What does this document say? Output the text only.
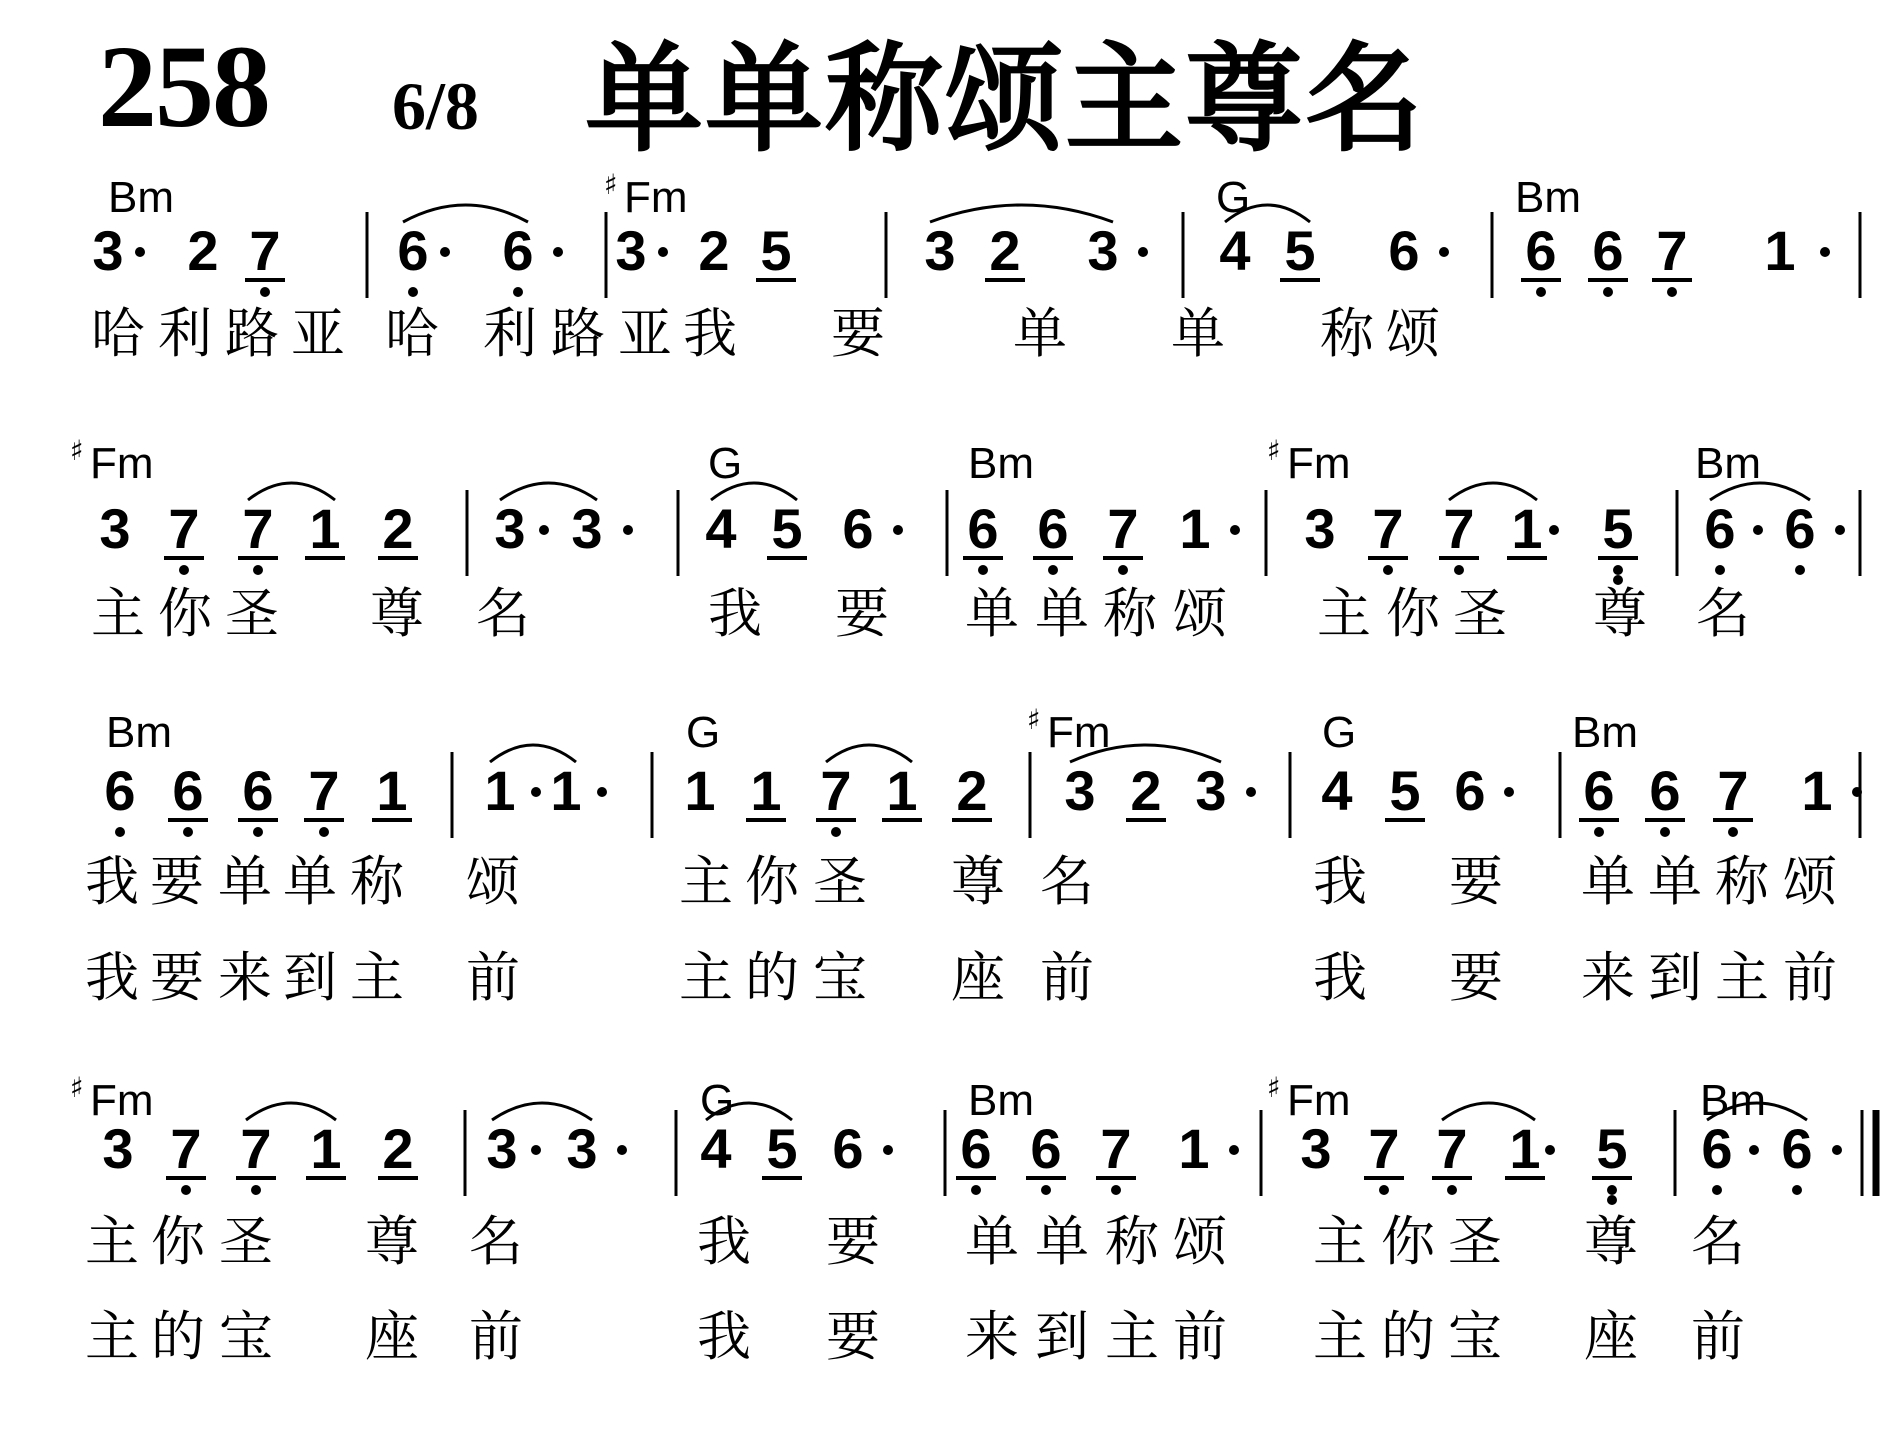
258 6/8 单单称颂主尊名
Bm	♯ Fm	G	Bm
3 2 7 6 6 3 2 5 3 2 3 4 5 6 6 6 7 1
哈 利 路 亚 哈 利 路 亚 我 要 单 单 称 颂
♯ Fm	G	Bm	♯ Fm	Bm
3 7 7 1 2 3 3 4 5 6 6 6 7 1 3 7 7 1 5 6 6
主 你 圣 尊 名	我 要 单 单 称 颂 主 你 圣 尊 名
Bm	G	♯ Fm	G	Bm
6 6 6 7 1 1 1 1 1 7 1 2 3 2 3 4 5 6 6 6 7 1
我 要 单 单 称 颂	主 你 圣 尊 名	我 要 单 单 称 颂
我 要 来 到 主 前	主 的 宝 座 前	我 要 来 到 主 前
♯ Fm	G	Bm	♯ Fm	Bm
3 7 7 1 2 3 3 4 5 6 6 6 7 1 3 7 7 1 5 6 6
主 你 圣 尊 名	我 要 单 单 称 颂 主 你 圣 尊 名
主 的 宝 座 前	我 要 来 到 主 前 主 的 宝 座 前
